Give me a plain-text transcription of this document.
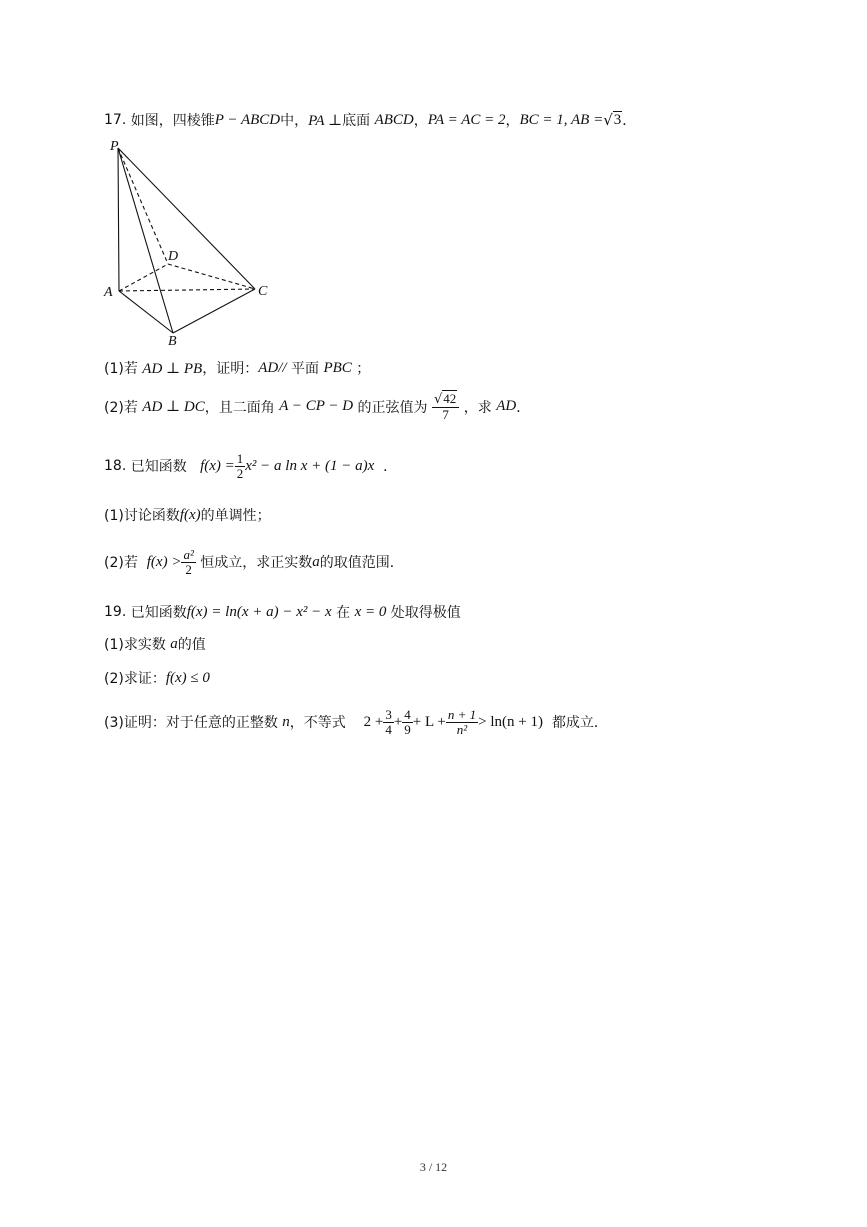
17.
如图，四棱锥 P − ABCD 中， PA ⊥ 底面
ABCD ， PA = AC = 2 ， BC = 1, AB = √ 3 ．
P
D
A	C
B
(1)若
AD ⊥ PB ，证明： AD//
平面
PBC
；
(2)若
AD ⊥ DC ，且二面角
A − CP − D
的正弦值为
$\frac{√42}{7}$
，求
AD ．
18.
已知函数
$f(x) = \frac{1}{2} x^2 - a$ ln x + (1 − a)x
．
(1)讨论函数 f(x) 的单调性；
(2)若
$f(x) > \frac{\text{a²}}{2}$
恒成立，求正实数 a 的取值范围．
19.
已知函数 f(x) = ln(x + a) − x² − x
在
x = 0
处取得极值
(1)求实数
a 的值
(2)求证： f(x) ≤ 0
(3)证明：对于任意的正整数
n ，不等式
$2 + \frac{3}{4} + \frac{4}{9} + L + \frac{n + 1}{\text{n²}} > \ln(n + 1)$
都成立．
3 / 12
